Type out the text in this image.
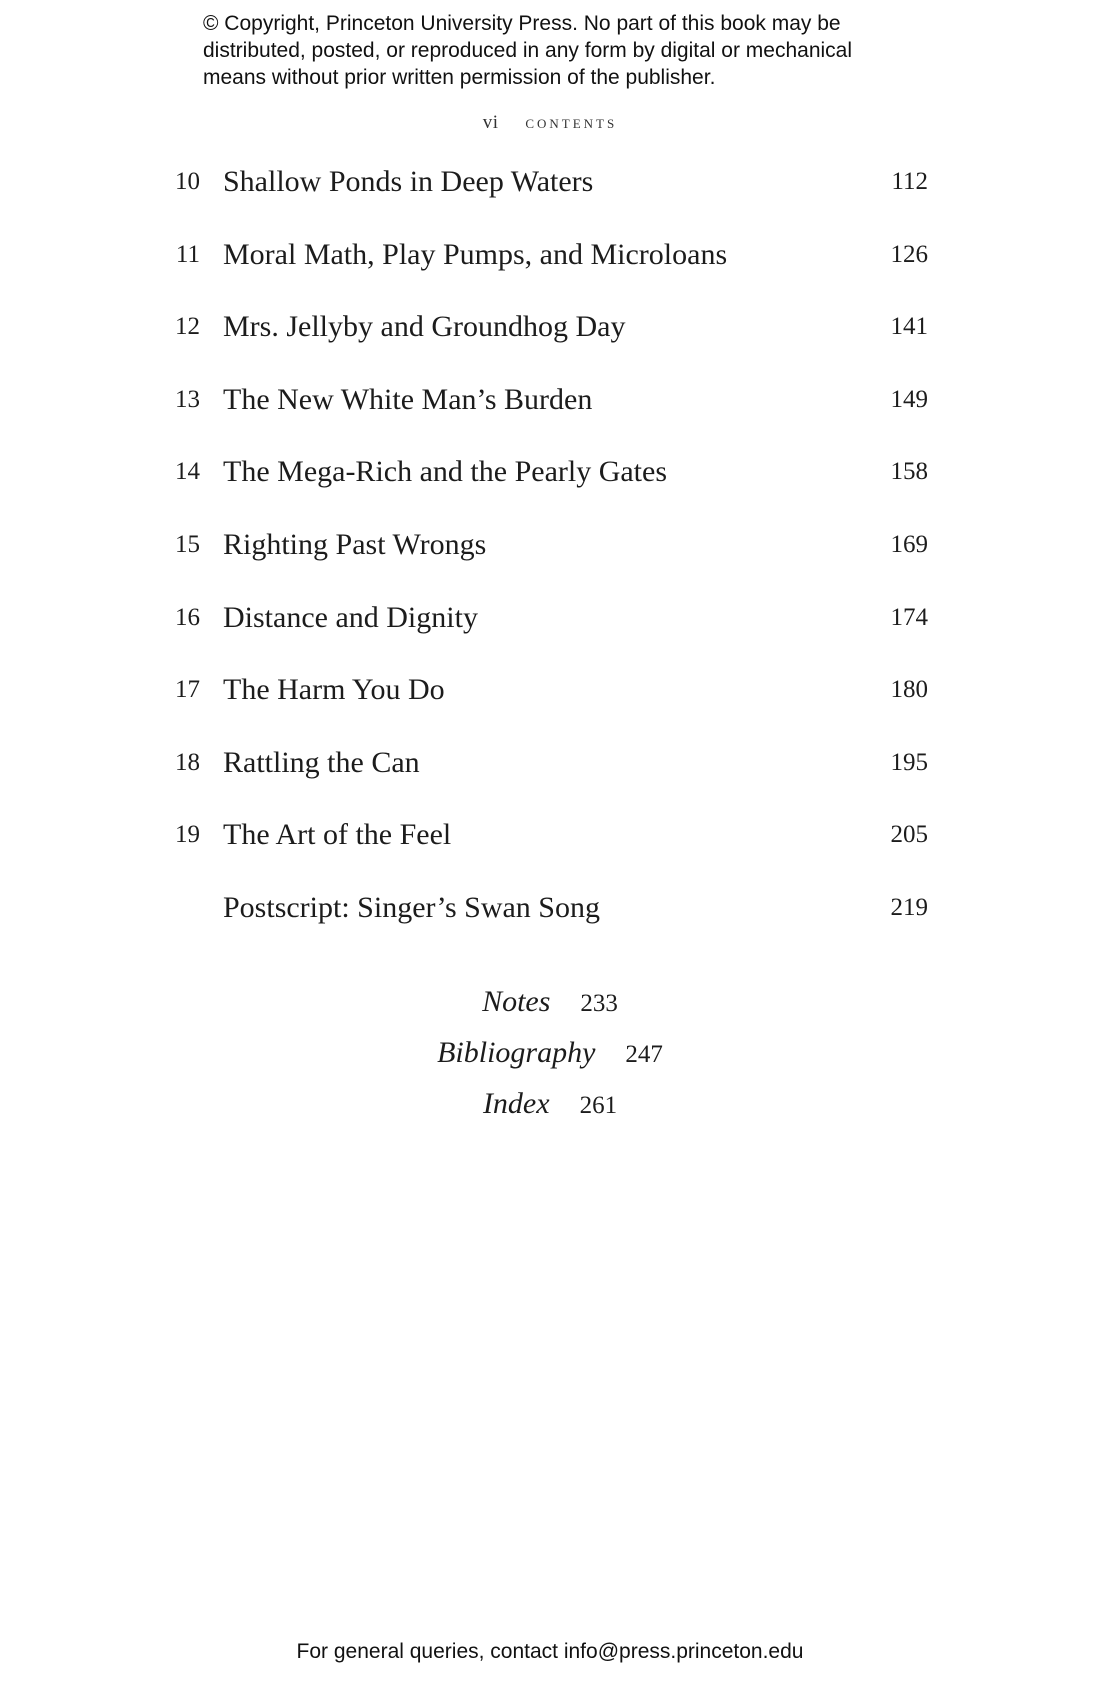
© Copyright, Princeton University Press. No part of this book may be

distributed, posted, or reproduced in any form by digital or mechanical

means without prior written permission of the publisher.

vi contents
10 Shallow Ponds in Deep Waters	112
11 Moral Math, Play Pumps, and Microloans	126
12 Mrs. Jellyby and Groundhog Day	141
13 The New White Man’s Burden	149
14 The Mega-Rich and the Pearly Gates	158
15 Righting Past Wrongs	169
16 Distance and Dignity	174
17 The Harm You Do	180
18 Rattling the Can	195
19 The Art of the Feel	205
Postscript: Singer’s Swan Song	219
Notes 233
Bibliography 247
Index 261
For general queries, contact info@press.princeton.edu
